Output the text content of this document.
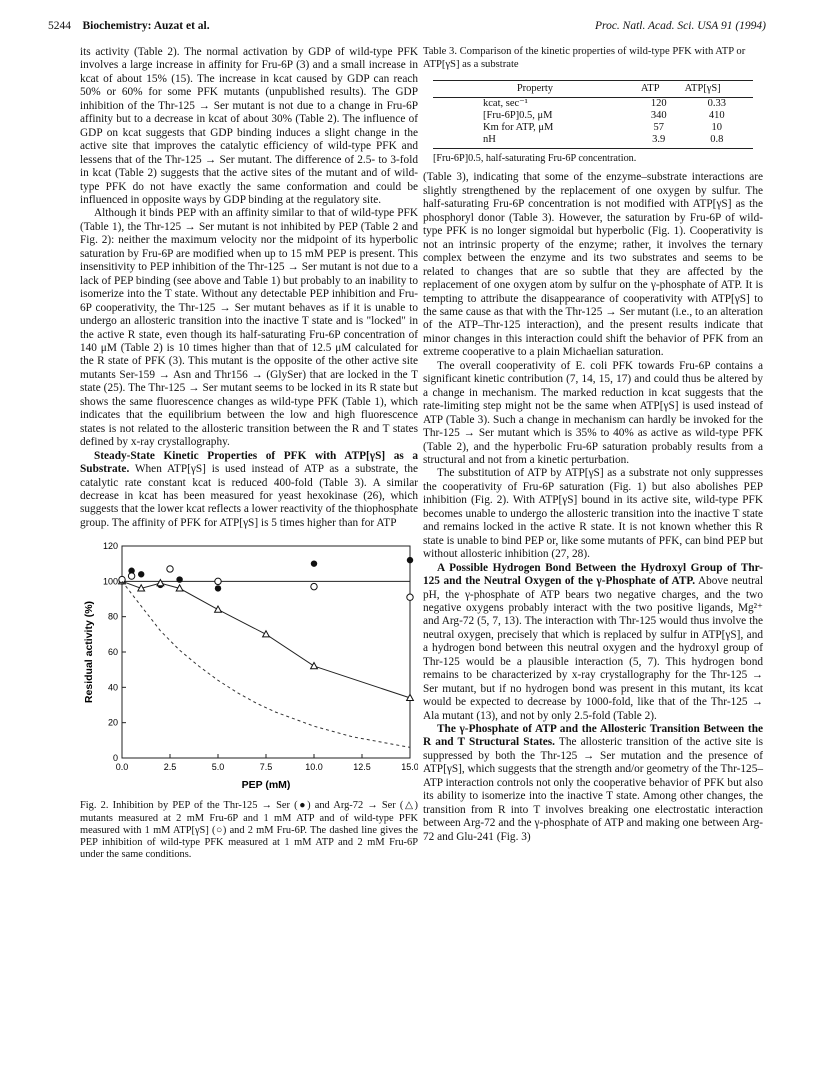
5244 Biochemistry: Auzat et al.	Proc. Natl. Acad. Sci. USA 91 (1994)

its activity (Table 2). The normal activation by GDP of wild-type PFK involves a large increase in affinity for Fru-6P (3) and a small increase in kcat of about 15% (15). The increase in kcat caused by GDP can reach 50% or 60% for some PFK mutants (unpublished results). The GDP inhibition of the Thr-125 → Ser mutant is not due to a change in Fru-6P affinity but to a decrease in kcat of about 30% (Table 2). The influence of GDP on kcat suggests that GDP binding induces a slight change in the active site that improves the catalytic efficiency of wild-type PFK and lessens that of the Thr-125 → Ser mutant. The difference of 2.5- to 3-fold in kcat (Table 2) suggests that the active sites of the mutant and of wild-type PFK do not have exactly the same conformation and could be influenced in opposite ways by GDP binding at the regulatory site.

Although it binds PEP with an affinity similar to that of wild-type PFK (Table 1), the Thr-125 → Ser mutant is not inhibited by PEP (Table 2 and Fig. 2): neither the maximum velocity nor the midpoint of its hyperbolic saturation by Fru-6P are modified when up to 15 mM PEP is present. This insensitivity to PEP inhibition of the Thr-125 → Ser mutant is not due to a lack of PEP binding (see above and Table 1) but probably to an inability to isomerize into the T state. Without any detectable PEP inhibition and Fru-6P cooperativity, the Thr-125 → Ser mutant behaves as if it is unable to undergo an allosteric transition into the inactive T state and is "locked" in the active R state, even though its half-saturating Fru-6P concentration of 140 μM (Table 2) is 10 times higher than that of 12.5 μM calculated for the R state of PFK (3). This mutant is the opposite of the other active site mutants Ser-159 → Asn and Thr156 → (GlySer) that are locked in the T state (25). The Thr-125 → Ser mutant seems to be locked in its R state but shows the same fluorescence changes as wild-type PFK (Table 1), which indicates that the equilibrium between the low and high fluorescence states is not related to the allosteric transition between the R and T states defined by x-ray crystallography.

Steady-State Kinetic Properties of PFK with ATP[γS] as a Substrate. When ATP[γS] is used instead of ATP as a substrate, the catalytic rate constant kcat is reduced 400-fold (Table 3). A similar decrease in kcat has been measured for yeast hexokinase (26), which suggests that the lower kcat reflects a lower reactivity of the thiophosphate group. The affinity of PFK for ATP[γS] is 5 times higher than for ATP

0.0	2.5	5.0	7.5	10.0	12.5	15.0
0
20
40
60
80
100
120
PEP (mM)
Residual activity (%)
Fig. 2. Inhibition by PEP of the Thr-125 → Ser (●) and Arg-72 → Ser (△) mutants measured at 2 mM Fru-6P and 1 mM ATP and of wild-type PFK measured with 1 mM ATP[γS] (○) and 2 mM Fru-6P. The dashed line gives the PEP inhibition of wild-type PFK measured at 1 mM ATP and 2 mM Fru-6P under the same conditions.
Table 3. Comparison of the kinetic properties of wild-type PFK with ATP or ATP[γS] as a substrate
Property	ATP	ATP[γS]
kcat, sec⁻¹	120	0.33
[Fru-6P]0.5, μM	340	410
Km for ATP, μM	57	10
nH	3.9	0.8
[Fru-6P]0.5, half-saturating Fru-6P concentration.

(Table 3), indicating that some of the enzyme–substrate interactions are slightly strengthened by the replacement of one oxygen by sulfur. The half-saturating Fru-6P concentration is not modified with ATP[γS] as the phosphoryl donor (Table 3). However, the saturation by Fru-6P of wild-type PFK is no longer sigmoidal but hyperbolic (Fig. 1). Cooperativity is not an intrinsic property of the enzyme; rather, it involves the ternary complex between the enzyme and its two substrates and seems to be related to changes that are so subtle that they are affected by the replacement of one oxygen atom by sulfur on the γ-phosphate of ATP. It is tempting to attribute the disappearance of cooperativity with ATP[γS] to the same cause as that with the Thr-125 → Ser mutant (i.e., to an alteration of the ATP–Thr-125 interaction), and the present results indicate that minor changes in this interaction could shift the behavior of PFK from an extreme cooperative to a plain Michaelian saturation.

The overall cooperativity of E. coli PFK towards Fru-6P contains a significant kinetic contribution (7, 14, 15, 17) and could thus be altered by a change in mechanism. The marked reduction in kcat suggests that the rate-limiting step might not be the same when ATP[γS] is used instead of ATP (Table 3). Such a change in mechanism can hardly be invoked for the Thr-125 → Ser mutant which is 35% to 40% as active as wild-type PFK (Table 2), and the hyperbolic Fru-6P saturation probably results from a structural and not from a kinetic perturbation.

The substitution of ATP by ATP[γS] as a substrate not only suppresses the cooperativity of Fru-6P saturation (Fig. 1) but also abolishes PEP inhibition (Fig. 2). With ATP[γS] bound in its active site, wild-type PFK becomes unable to undergo the allosteric transition into the inactive T state and remains locked in the active R state. It is not known whether this R state is unable to bind PEP or, like some mutants of PFK, can bind PEP but without allosteric inhibition (27, 28).

A Possible Hydrogen Bond Between the Hydroxyl Group of Thr-125 and the Neutral Oxygen of the γ-Phosphate of ATP. Above neutral pH, the γ-phosphate of ATP bears two negative charges, and the two negative oxygens probably interact with the two positive ligands, Mg²⁺ and Arg-72 (5, 7, 13). The interaction with Thr-125 would thus involve the neutral oxygen, precisely that which is replaced by sulfur in ATP[γS], and a hydrogen bond between this neutral oxygen and the hydroxyl group of Thr-125 would be a plausible interaction (5, 7). This hydrogen bond remains to be characterized by x-ray crystallography for the Thr-125 → Ser mutant, but if no hydrogen bond was present in this mutant, its kcat would be expected to decrease by 1000-fold, like that of the Thr-125 → Ala mutant (13), and not by only 2.5-fold (Table 2).

The γ-Phosphate of ATP and the Allosteric Transition Between the R and T Structural States. The allosteric transition of the active site is suppressed by both the Thr-125 → Ser mutation and the presence of ATP[γS], which suggests that the strength and/or geometry of the Thr-125–ATP interaction controls not only the cooperative behavior of PFK but also its ability to isomerize into the inactive T state. Among other changes, the transition from R into T involves breaking one electrostatic interaction between Arg-72 and the γ-phosphate of ATP and making one between Arg-72 and Glu-241 (Fig. 3)
